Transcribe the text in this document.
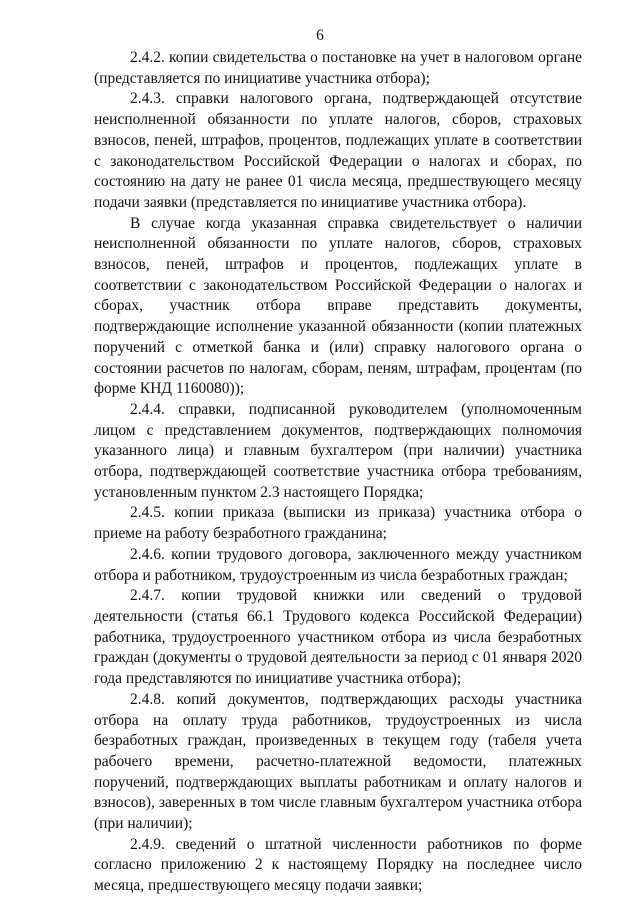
6

2.4.2. копии свидетельства о постановке на учет в налоговом органе (представляется по инициативе участника отбора);

2.4.3. справки налогового органа, подтверждающей отсутствие неисполненной обязанности по уплате налогов, сборов, страховых взносов, пеней, штрафов, процентов, подлежащих уплате в соответствии с законодательством Российской Федерации о налогах и сборах, по состоянию на дату не ранее 01 числа месяца, предшествующего месяцу подачи заявки (представляется по инициативе участника отбора).

В случае когда указанная справка свидетельствует о наличии неисполненной обязанности по уплате налогов, сборов, страховых взносов, пеней, штрафов и процентов, подлежащих уплате в соответствии с законодательством Российской Федерации о налогах и сборах, участник отбора вправе представить документы, подтверждающие исполнение указанной обязанности (копии платежных поручений с отметкой банка и (или) справку налогового органа о состоянии расчетов по налогам, сборам, пеням, штрафам, процентам (по форме КНД 1160080));

2.4.4. справки, подписанной руководителем (уполномоченным лицом с представлением документов, подтверждающих полномочия указанного лица) и главным бухгалтером (при наличии) участника отбора, подтверждающей соответствие участника отбора требованиям, установленным пунктом 2.3 настоящего Порядка;

2.4.5. копии приказа (выписки из приказа) участника отбора о приеме на работу безработного гражданина;

2.4.6. копии трудового договора, заключенного между участником отбора и работником, трудоустроенным из числа безработных граждан;

2.4.7. копии трудовой книжки или сведений о трудовой деятельности (статья 66.1 Трудового кодекса Российской Федерации) работника, трудоустроенного участником отбора из числа безработных граждан (документы о трудовой деятельности за период с 01 января 2020 года представляются по инициативе участника отбора);

2.4.8. копий документов, подтверждающих расходы участника отбора на оплату труда работников, трудоустроенных из числа безработных граждан, произведенных в текущем году (табеля учета рабочего времени, расчетно-платежной ведомости, платежных поручений, подтверждающих выплаты работникам и оплату налогов и взносов), заверенных в том числе главным бухгалтером участника отбора (при наличии);

2.4.9. сведений о штатной численности работников по форме согласно приложению 2 к настоящему Порядку на последнее число месяца, предшествующего месяцу подачи заявки;
